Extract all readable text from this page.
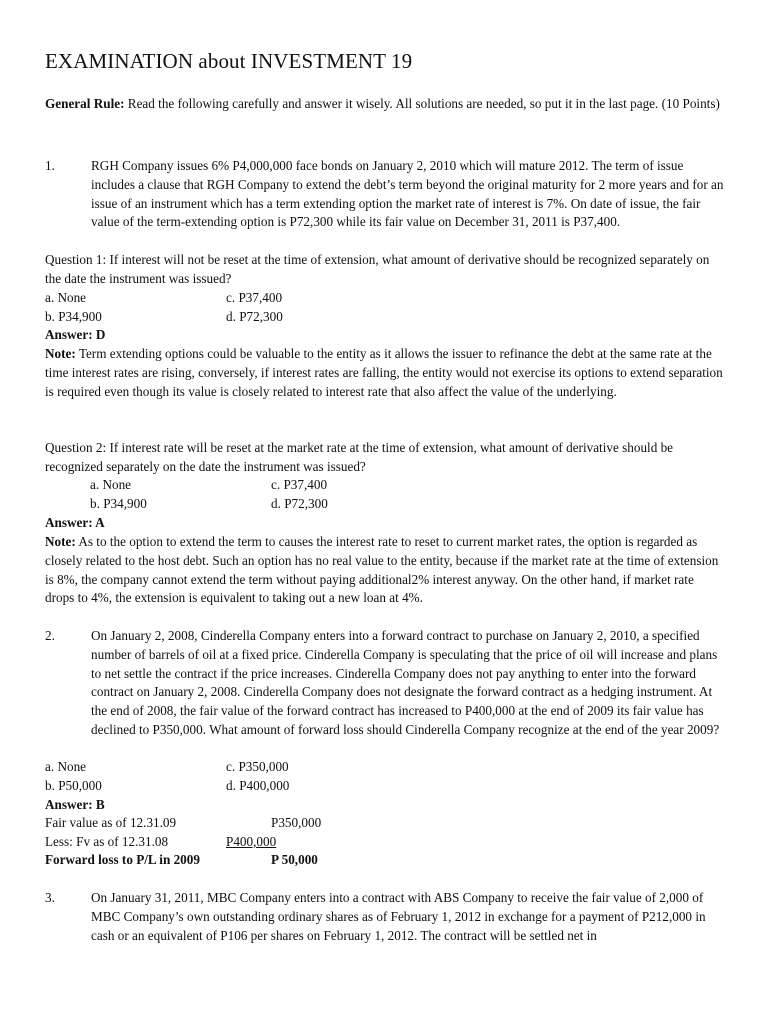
EXAMINATION about INVESTMENT 19
General Rule: Read the following carefully and answer it wisely. All solutions are needed, so put it in the last page. (10 Points)
1.	RGH Company issues 6% P4,000,000 face bonds on January 2, 2010 which will mature 2012. The term of issue includes a clause that RGH Company to extend the debt’s term beyond the original maturity for 2 more years and for an issue of an instrument which has a term extending option the market rate of interest is 7%. On date of issue, the fair value of the term-extending option is P72,300 while its fair value on December 31, 2011 is P37,400.
Question 1: If interest will not be reset at the time of extension, what amount of derivative should be recognized separately on the date the instrument was issued?
a. None	c. P37,400
b. P34,900	d. P72,300
Answer: D
Note: Term extending options could be valuable to the entity as it allows the issuer to refinance the debt at the same rate at the time interest rates are rising, conversely, if interest rates are falling, the entity would not exercise its options to extend separation is required even though its value is closely related to interest rate that also affect the value of the underlying.
Question 2: If interest rate will be reset at the market rate at the time of extension, what amount of derivative should be recognized separately on the date the instrument was issued?
a. None	c. P37,400
b. P34,900	d. P72,300
Answer: A
Note: As to the option to extend the term to causes the interest rate to reset to current market rates, the option is regarded as closely related to the host debt. Such an option has no real value to the entity, because if the market rate at the time of extension is 8%, the company cannot extend the term without paying additional2% interest anyway. On the other hand, if market rate drops to 4%, the extension is equivalent to taking out a new loan at 4%.
2.	On January 2, 2008, Cinderella Company enters into a forward contract to purchase on January 2, 2010, a specified number of barrels of oil at a fixed price. Cinderella Company is speculating that the price of oil will increase and plans to net settle the contract if the price increases. Cinderella Company does not pay anything to enter into the forward contract on January 2, 2008. Cinderella Company does not designate the forward contract as a hedging instrument. At the end of 2008, the fair value of the forward contract has increased to P400,000 at the end of 2009 its fair value has declined to P350,000. What amount of forward loss should Cinderella Company recognize at the end of the year 2009?
a. None	c. P350,000
b. P50,000	d. P400,000
Answer: B
Fair value as of 12.31.09	P350,000
Less: Fv as of 12.31.08	P400,000
Forward loss to P/L in 2009	P 50,000
3.	On January 31, 2011, MBC Company enters into a contract with ABS Company to receive the fair value of 2,000 of MBC Company’s own outstanding ordinary shares as of February 1, 2012 in exchange for a payment of P212,000 in cash or an equivalent of P106 per shares on February 1, 2012. The contract will be settled net in
